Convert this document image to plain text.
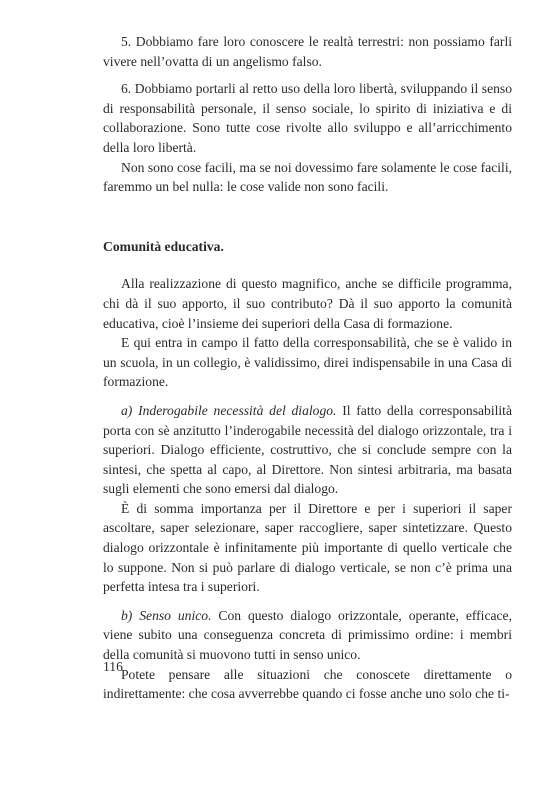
5. Dobbiamo fare loro conoscere le realtà terrestri: non possiamo farli vivere nell’ovatta di un angelismo falso.

6. Dobbiamo portarli al retto uso della loro libertà, sviluppando il senso di responsabilità personale, il senso sociale, lo spirito di iniziativa e di collaborazione. Sono tutte cose rivolte allo sviluppo e all’arricchimento della loro libertà.

Non sono cose facili, ma se noi dovessimo fare solamente le cose facili, faremmo un bel nulla: le cose valide non sono facili.

Comunità educativa.

Alla realizzazione di questo magnifico, anche se difficile programma, chi dà il suo apporto, il suo contributo? Dà il suo apporto la comunità educativa, cioè l’insieme dei superiori della Casa di formazione.

E qui entra in campo il fatto della corresponsabilità, che se è valido in un scuola, in un collegio, è validissimo, direi indispensabile in una Casa di formazione.

a) Inderogabile necessità del dialogo. Il fatto della corresponsabilità porta con sè anzitutto l’inderogabile necessità del dialogo orizzontale, tra i superiori. Dialogo efficiente, costruttivo, che si conclude sempre con la sintesi, che spetta al capo, al Direttore. Non sintesi arbitraria, ma basata sugli elementi che sono emersi dal dialogo.

È di somma importanza per il Direttore e per i superiori il saper ascoltare, saper selezionare, saper raccogliere, saper sintetizzare. Questo dialogo orizzontale è infinitamente più importante di quello verticale che lo suppone. Non si può parlare di dialogo verticale, se non c’è prima una perfetta intesa tra i superiori.

b) Senso unico. Con questo dialogo orizzontale, operante, efficace, viene subito una conseguenza concreta di primissimo ordine: i membri della comunità si muovono tutti in senso unico.

Potete pensare alle situazioni che conoscete direttamente o indirettamente: che cosa avverrebbe quando ci fosse anche uno solo che ti-

116
